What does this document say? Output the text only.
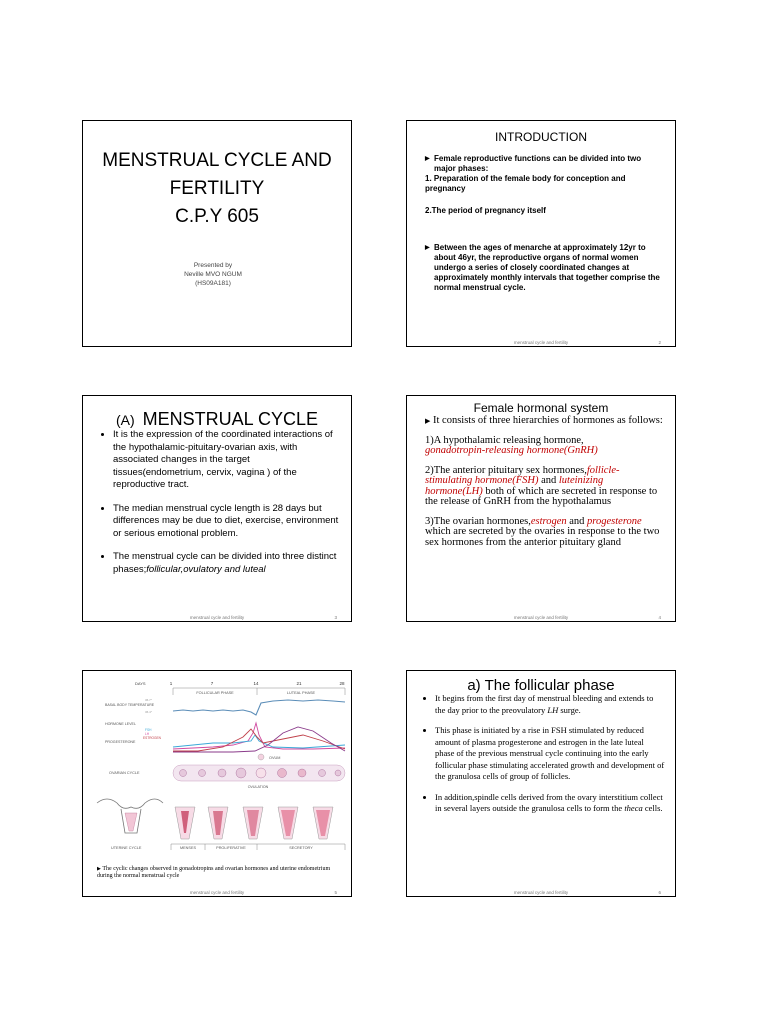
MENSTRUAL CYCLE AND
FERTILITY
C.P.Y 605
Presented by
Neville MVO NGUM
(HS09A181)
INTRODUCTION
▶ Female reproductive functions can be divided into two major phases:
1. Preparation of the female body for conception and pregnancy
2.The period of pregnancy itself
▶ Between the ages of menarche at approximately 12yr to about 46yr, the reproductive organs of normal women undergo a series of closely coordinated changes at approximately monthly intervals that together comprise the normal menstrual cycle.
menstrual cycle and fertility	2
(A) MENSTRUAL CYCLE
• It is the expression of the coordinated interactions of the hypothalamic-pituitary-ovarian axis, with associated changes in the target tissues(endometrium, cervix, vagina ) of the reproductive tract.
• The median menstrual cycle length is 28 days but differences may be due to diet, exercise, environment or serious emotional problem.
• The menstrual cycle can be divided into three distinct phases;follicular,ovulatory and luteal
menstrual cycle and fertility	3
Female hormonal system

▶ It consists of three hierarchies of hormones as follows:

1)A hypothalamic releasing hormone,
gonadotropin-releasing hormone(GnRH)

2)The anterior pituitary sex hormones,follicle-stimulating hormone(FSH) and luteinizing hormone(LH) both of which are secreted in response to the release of GnRH from the hypothalamus

3)The ovarian hormones,estrogen and progesterone which are secreted by the ovaries in response to the two sex hormones from the anterior pituitary gland

menstrual cycle and fertility	4
DAYS	1	7	14	21	28
FOLLICULAR PHASE	LUTEAL PHASE
BASAL BODY TEMPERATURE
36.7°
36.4°
HORMONE LEVEL
FSH
LH
ESTROGEN
PROGESTERONE
OVUM
OVARIAN CYCLE
OVULATION
UTERINE CYCLE	MENSES	PROLIFERATIVE	SECRETORY
▶ The cyclic changes observed in gonadotropins and ovarian hormones and uterine endometrium during the normal menstrual cycle
menstrual cycle and fertility	5
a) The follicular phase
• It begins from the first day of menstrual bleeding and extends to the day prior to the preovulatory LH surge.
• This phase is initiated by a rise in FSH stimulated by reduced amount of plasma progesterone and estrogen in the late luteal phase of the previous menstrual cycle continuing into the early follicular phase stimulating accelerated growth and development of the granulosa cells of group of follicles.
• In addition,spindle cells derived from the ovary interstitium collect in several layers outside the granulosa cells to form the theca cells.
menstrual cycle and fertility	6
